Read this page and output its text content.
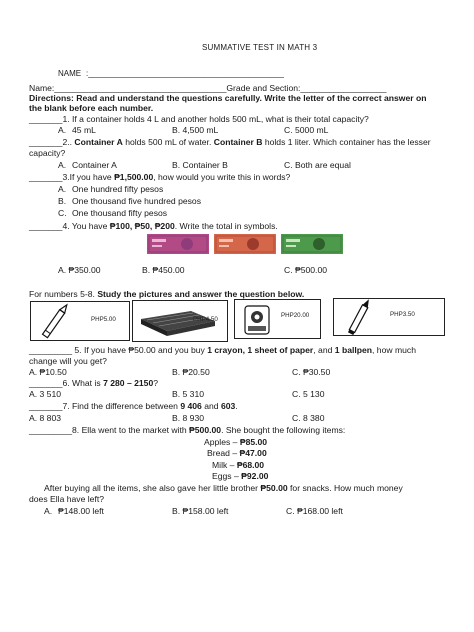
SUMMATIVE TEST IN MATH 3
NAME :____________________________________________
Name:____________________________________Grade and Section:__________________
Directions: Read and understand the questions carefully. Write the letter of the correct answer on
the blank before each number.
_______1. If a container holds 4 L and another holds 500 mL, what is their total capacity?
A. 45 mL	B. 4,500 mL	C. 5000 mL
_______2.. Container A holds 500 mL of water. Container B holds 1 liter. Which container has the lesser
capacity?
A. Container A	B. Container B	C. Both are equal
_______3.If you have ₱1,500.00, how would you write this in words?
A. One hundred fifty pesos
B. One thousand five hundred pesos
C. One thousand fifty pesos
_______4. You have ₱100, ₱50, ₱200. Write the total in symbols.
A. ₱350.00	B. ₱450.00	C. ₱500.00
For numbers 5-8. Study the pictures and answer the question below.
PHP5.00	PHP4.50
PHP20.00	PHP3.50
_________ 5. If you have ₱50.00 and you buy 1 crayon, 1 sheet of paper, and 1 ballpen, how much
change will you get?
A. ₱10.50	B. ₱20.50	C. ₱30.50
_______6. What is 7 280 – 2150?
A. 3 510	B. 5 310	C. 5 130
_______7. Find the difference between 9 406 and 603.
A. 8 803	B. 8 930	C. 8 380
_________8. Ella went to the market with ₱500.00. She bought the following items:
Apples – ₱85.00
Bread – ₱47.00
Milk – ₱68.00
Eggs – ₱92.00
After buying all the items, she also gave her little brother ₱50.00 for snacks. How much money
does Ella have left?
A. ₱148.00 left	B. ₱158.00 left	C. ₱168.00 left
